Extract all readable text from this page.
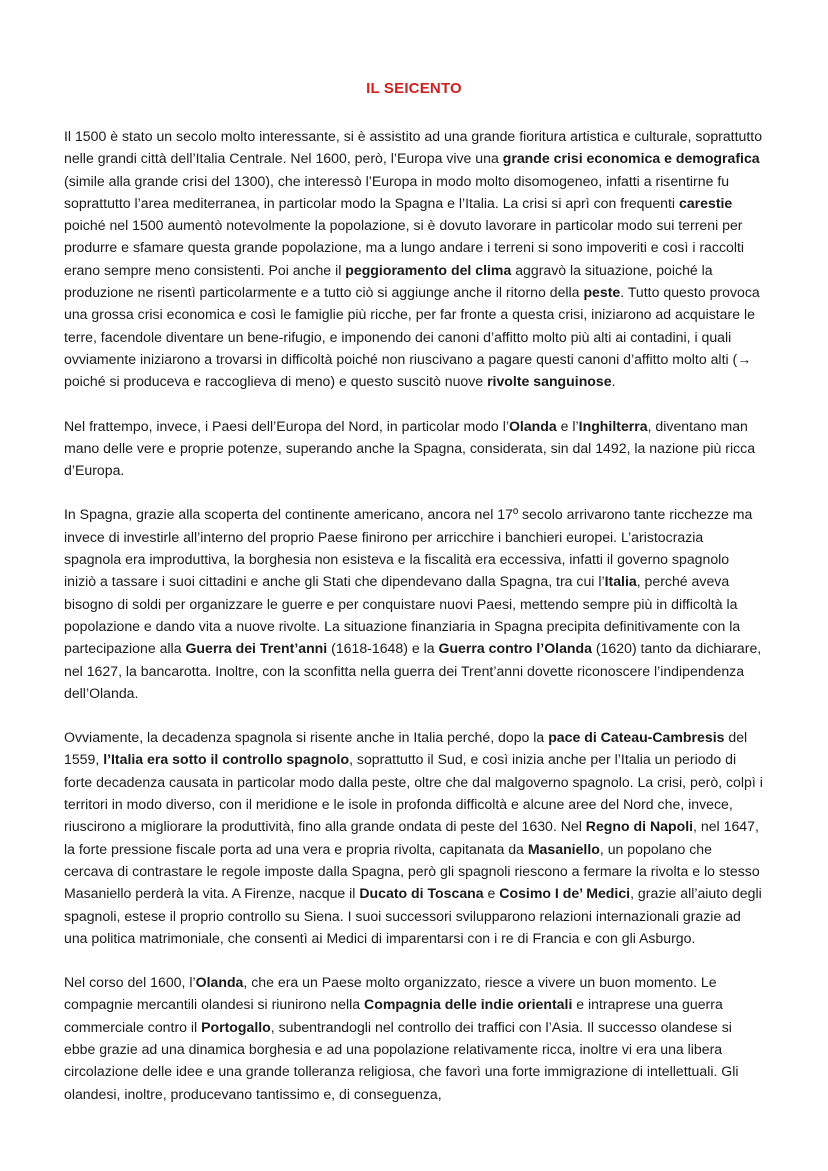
IL SEICENTO

Il 1500 è stato un secolo molto interessante, si è assistito ad una grande fioritura artistica e culturale, soprattutto nelle grandi città dell’Italia Centrale. Nel 1600, però, l’Europa vive una grande crisi economica e demografica (simile alla grande crisi del 1300), che interessò l’Europa in modo molto disomogeneo, infatti a risentirne fu soprattutto l’area mediterranea, in particolar modo la Spagna e l’Italia. La crisi si aprì con frequenti carestie poiché nel 1500 aumentò notevolmente la popolazione, si è dovuto lavorare in particolar modo sui terreni per produrre e sfamare questa grande popolazione, ma a lungo andare i terreni si sono impoveriti e così i raccolti erano sempre meno consistenti. Poi anche il peggioramento del clima aggravò la situazione, poiché la produzione ne risentì particolarmente e a tutto ciò si aggiunge anche il ritorno della peste. Tutto questo provoca una grossa crisi economica e così le famiglie più ricche, per far fronte a questa crisi, iniziarono ad acquistare le terre, facendole diventare un bene-rifugio, e imponendo dei canoni d’affitto molto più alti ai contadini, i quali ovviamente iniziarono a trovarsi in difficoltà poiché non riuscivano a pagare questi canoni d’affitto molto alti (→ poiché si produceva e raccoglieva di meno) e questo suscitò nuove rivolte sanguinose.

Nel frattempo, invece, i Paesi dell’Europa del Nord, in particolar modo l’Olanda e l’Inghilterra, diventano man mano delle vere e proprie potenze, superando anche la Spagna, considerata, sin dal 1492, la nazione più ricca d’Europa.

In Spagna, grazie alla scoperta del continente americano, ancora nel 17º secolo arrivarono tante ricchezze ma invece di investirle all’interno del proprio Paese finirono per arricchire i banchieri europei. L’aristocrazia spagnola era improduttiva, la borghesia non esisteva e la fiscalità era eccessiva, infatti il governo spagnolo iniziò a tassare i suoi cittadini e anche gli Stati che dipendevano dalla Spagna, tra cui l’Italia, perché aveva bisogno di soldi per organizzare le guerre e per conquistare nuovi Paesi, mettendo sempre più in difficoltà la popolazione e dando vita a nuove rivolte. La situazione finanziaria in Spagna precipita definitivamente con la partecipazione alla Guerra dei Trent’anni (1618-1648) e la Guerra contro l’Olanda (1620) tanto da dichiarare, nel 1627, la bancarotta. Inoltre, con la sconfitta nella guerra dei Trent’anni dovette riconoscere l’indipendenza dell’Olanda.

Ovviamente, la decadenza spagnola si risente anche in Italia perché, dopo la pace di Cateau-Cambresis del 1559, l’Italia era sotto il controllo spagnolo, soprattutto il Sud, e così inizia anche per l’Italia un periodo di forte decadenza causata in particolar modo dalla peste, oltre che dal malgoverno spagnolo. La crisi, però, colpì i territori in modo diverso, con il meridione e le isole in profonda difficoltà e alcune aree del Nord che, invece, riuscirono a migliorare la produttività, fino alla grande ondata di peste del 1630. Nel Regno di Napoli, nel 1647, la forte pressione fiscale porta ad una vera e propria rivolta, capitanata da Masaniello, un popolano che cercava di contrastare le regole imposte dalla Spagna, però gli spagnoli riescono a fermare la rivolta e lo stesso Masaniello perderà la vita. A Firenze, nacque il Ducato di Toscana e Cosimo I de’ Medici, grazie all’aiuto degli spagnoli, estese il proprio controllo su Siena. I suoi successori svilupparono relazioni internazionali grazie ad una politica matrimoniale, che consentì ai Medici di imparentarsi con i re di Francia e con gli Asburgo.

Nel corso del 1600, l’Olanda, che era un Paese molto organizzato, riesce a vivere un buon momento. Le compagnie mercantili olandesi si riunirono nella Compagnia delle indie orientali e intraprese una guerra commerciale contro il Portogallo, subentrandogli nel controllo dei traffici con l’Asia. Il successo olandese si ebbe grazie ad una dinamica borghesia e ad una popolazione relativamente ricca, inoltre vi era una libera circolazione delle idee e una grande tolleranza religiosa, che favorì una forte immigrazione di intellettuali. Gli olandesi, inoltre, producevano tantissimo e, di conseguenza,
